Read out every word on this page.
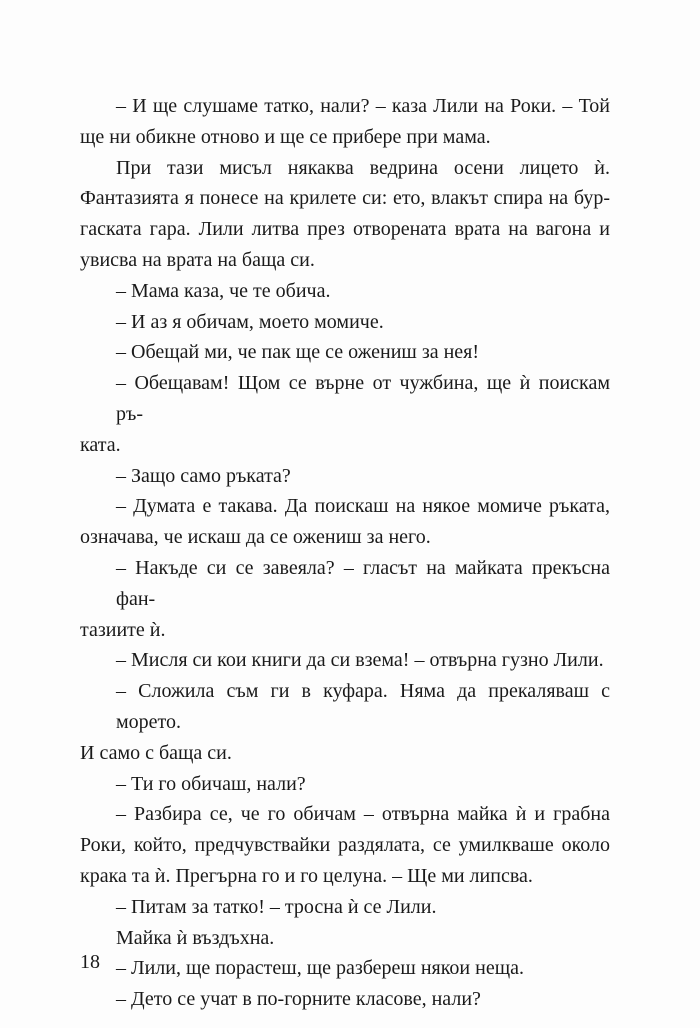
– И ще слушаме татко, нали? – каза Лили на Роки. – Той
ще ни обикне отново и ще се прибере при мама.
При тази мисъл някаква ведрина осени лицето ѝ.
Фантазията я понесе на крилете си: ето, влакът спира на бур-
гаската гара. Лили литва през отворената врата на вагона и
увисва на врата на баща си.
– Мама каза, че те обича.
– И аз я обичам, моето момиче.
– Обещай ми, че пак ще се ожениш за нея!
– Обещавам! Щом се върне от чужбина, ще ѝ поискам ръ-
ката.
– Защо само ръката?
– Думата е такава. Да поискаш на някое момиче ръката,
означава, че искаш да се ожениш за него.
– Накъде си се завеяла? – гласът на майката прекъсна фан-
тазиите ѝ.
– Мисля си кои книги да си взема! – отвърна гузно Лили.
– Сложила съм ги в куфара. Няма да прекаляваш с морето.
И само с баща си.
– Ти го обичаш, нали?
– Разбира се, че го обичам – отвърна майка ѝ и грабна
Роки, който, предчувствайки раздялата, се умилкваше около
крака та ѝ. Прегърна го и го целуна. – Ще ми липсва.
– Питам за татко! – тросна ѝ се Лили.
Майка ѝ въздъхна.
– Лили, ще порастеш, ще разбереш някои неща.
– Дето се учат в по-горните класове, нали?
18
